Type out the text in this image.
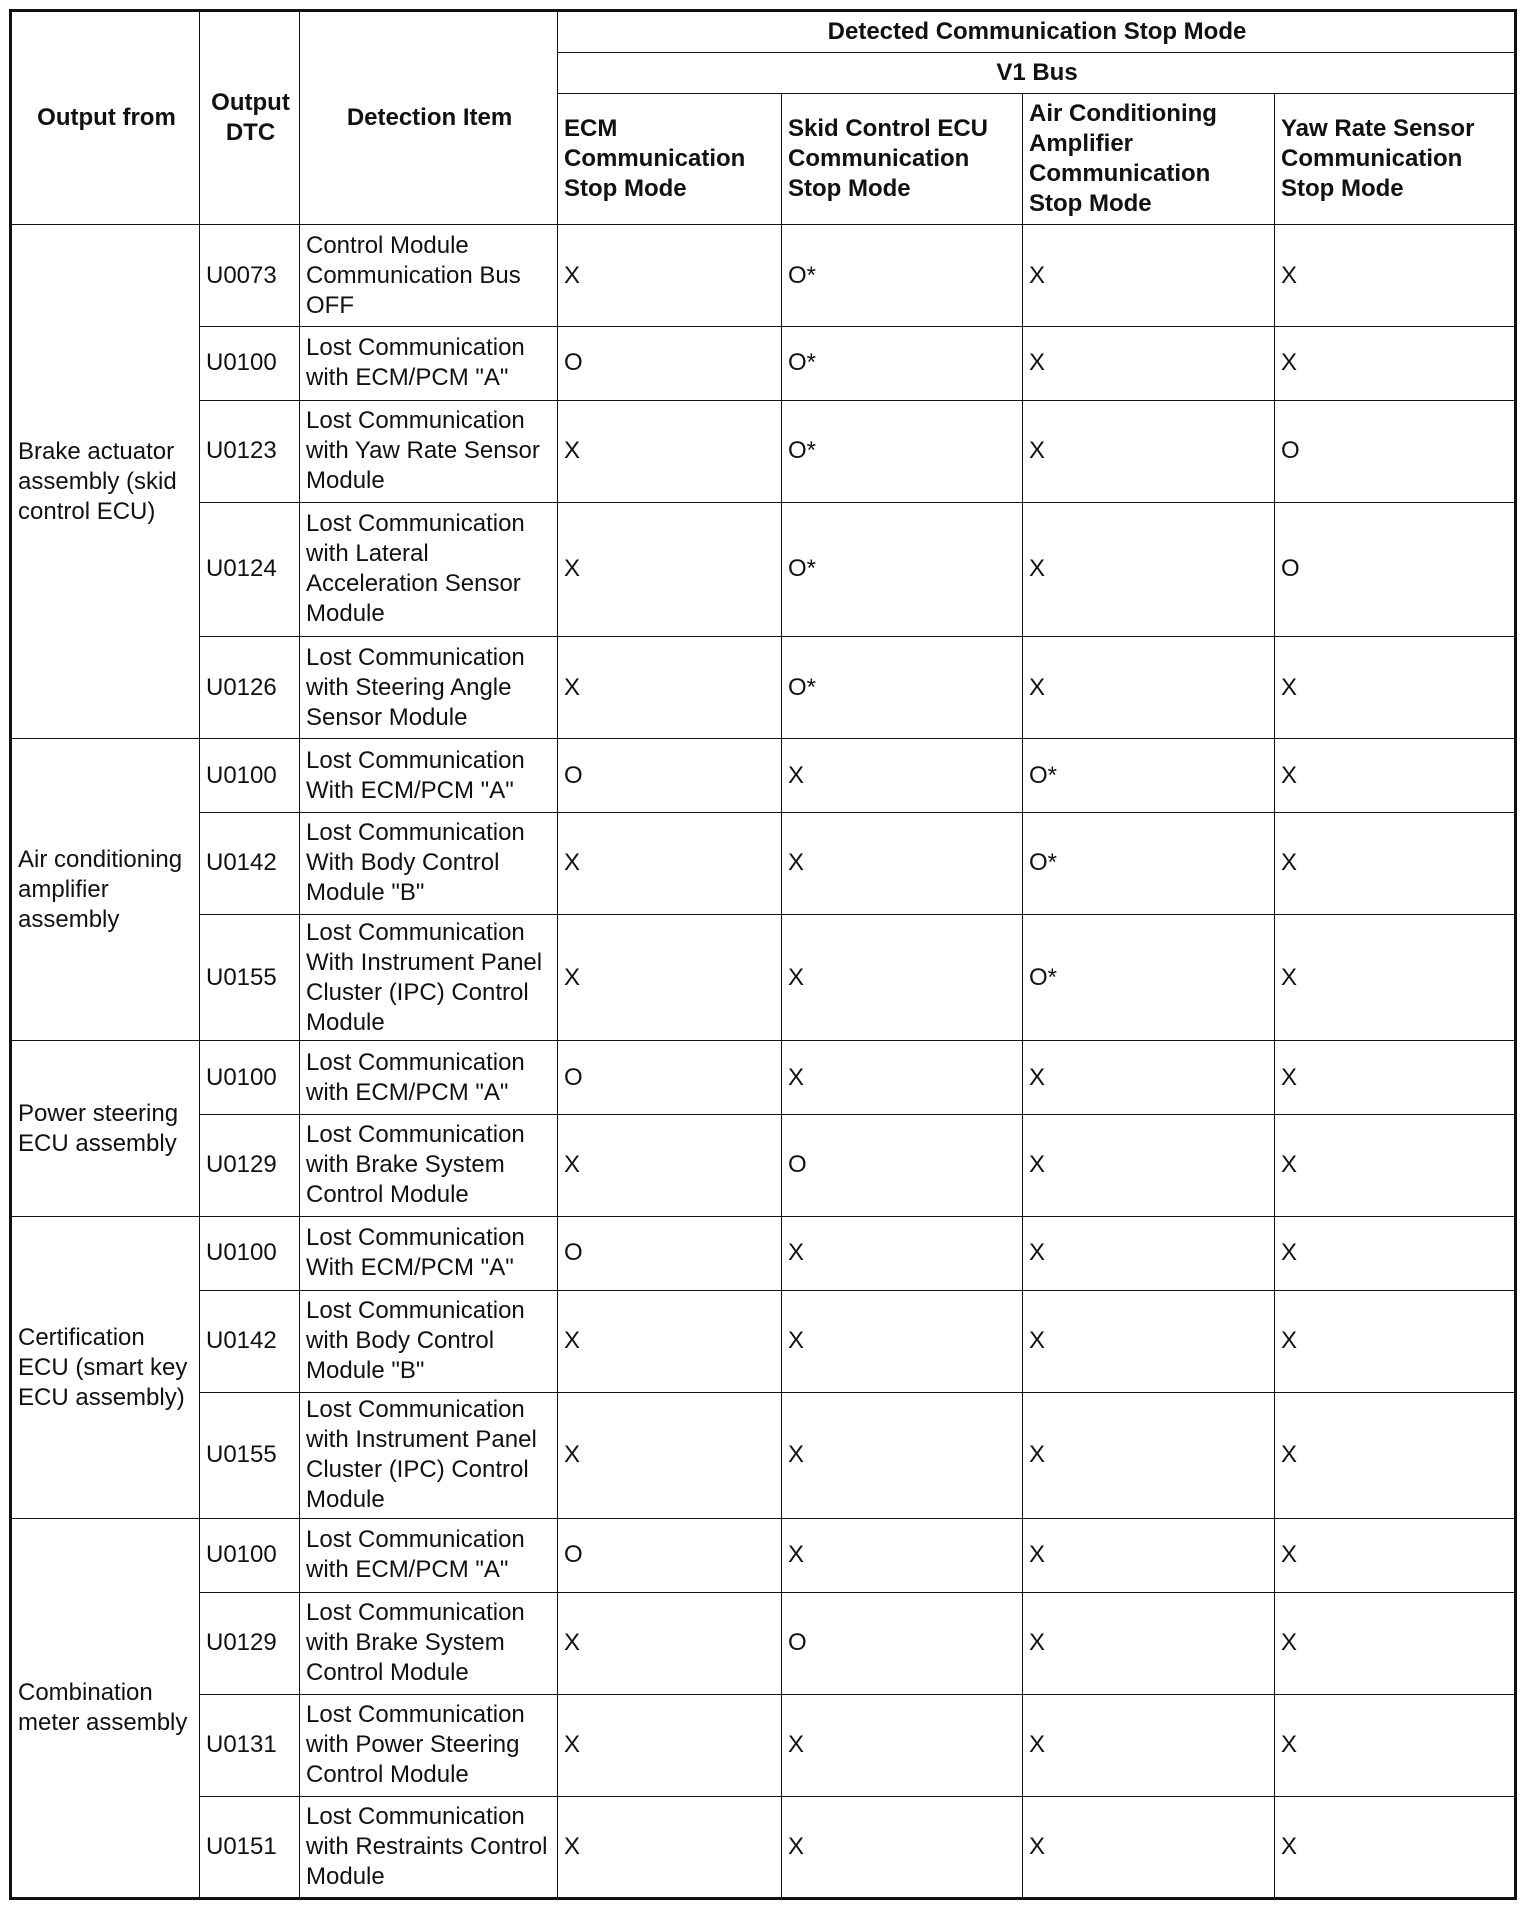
Output from	Output DTC	Detection Item	Detected Communication Stop Mode			
			V1 Bus			
			ECM Communication Stop Mode	Skid Control ECU Communication Stop Mode	Air Conditioning Amplifier Communication Stop Mode	Yaw Rate Sensor Communication Stop Mode
Brake actuator assembly (skid control ECU)	U0073	Control Module Communication Bus OFF	X	O*	X	X
	U0100	Lost Communication with ECM/PCM "A"	O	O*	X	X
	U0123	Lost Communication with Yaw Rate Sensor Module	X	O*	X	O
	U0124	Lost Communication with Lateral Acceleration Sensor Module	X	O*	X	O
	U0126	Lost Communication with Steering Angle Sensor Module	X	O*	X	X
Air conditioning amplifier assembly	U0100	Lost Communication With ECM/PCM "A"	O	X	O*	X
	U0142	Lost Communication With Body Control Module "B"	X	X	O*	X
	U0155	Lost Communication With Instrument Panel Cluster (IPC) Control Module	X	X	O*	X
Power steering ECU assembly	U0100	Lost Communication with ECM/PCM "A"	O	X	X	X
	U0129	Lost Communication with Brake System Control Module	X	O	X	X
Certification ECU (smart key ECU assembly)	U0100	Lost Communication With ECM/PCM "A"	O	X	X	X
	U0142	Lost Communication with Body Control Module "B"	X	X	X	X
	U0155	Lost Communication with Instrument Panel Cluster (IPC) Control Module	X	X	X	X
Combination meter assembly	U0100	Lost Communication with ECM/PCM "A"	O	X	X	X
	U0129	Lost Communication with Brake System Control Module	X	O	X	X
	U0131	Lost Communication with Power Steering Control Module	X	X	X	X
	U0151	Lost Communication with Restraints Control Module	X	X	X	X
